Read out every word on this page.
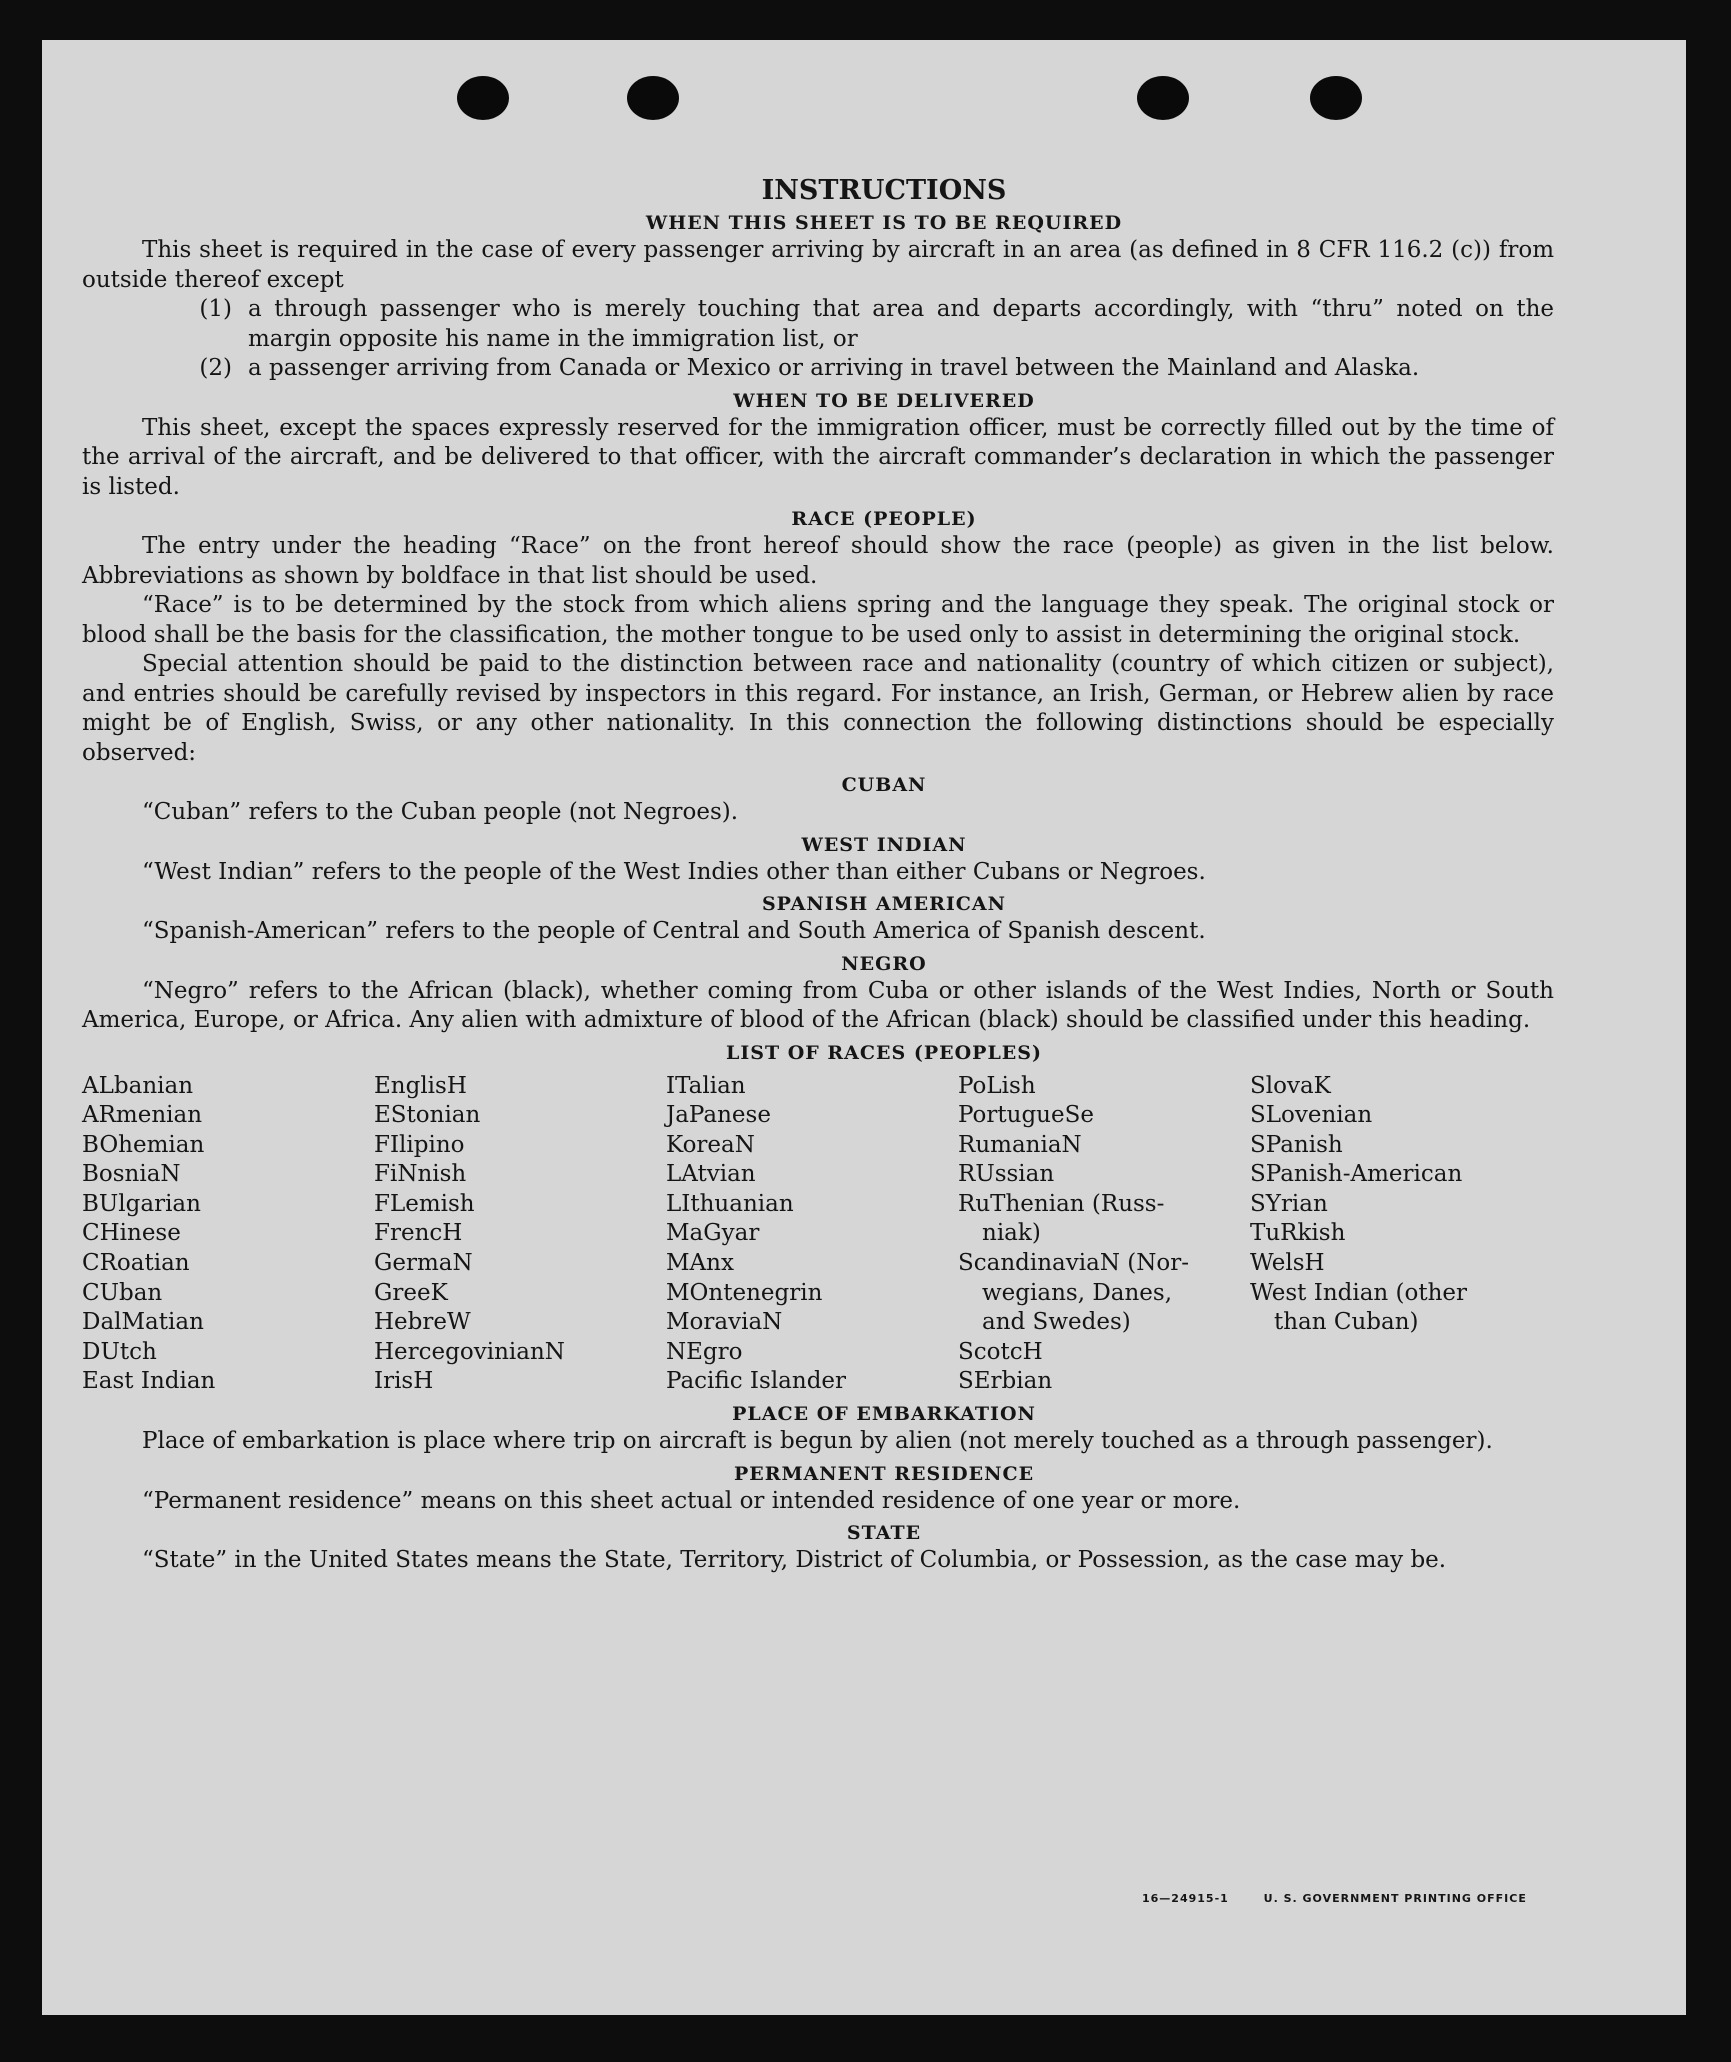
INSTRUCTIONS
WHEN THIS SHEET IS TO BE REQUIRED

This sheet is required in the case of every passenger arriving by aircraft in an area (as defined in 8 CFR 116.2 (c)) from outside thereof except

(1) a through passenger who is merely touching that area and departs accordingly, with “thru” noted on the margin opposite his name in the immigration list, or
(2) a passenger arriving from Canada or Mexico or arriving in travel between the Mainland and Alaska.
WHEN TO BE DELIVERED

This sheet, except the spaces expressly reserved for the immigration officer, must be correctly filled out by the time of the arrival of the aircraft, and be delivered to that officer, with the aircraft commander’s declaration in which the passenger is listed.

RACE (PEOPLE)

The entry under the heading “Race” on the front hereof should show the race (people) as given in the list below. Abbreviations as shown by boldface in that list should be used.

“Race” is to be determined by the stock from which aliens spring and the language they speak. The original stock or blood shall be the basis for the classification, the mother tongue to be used only to assist in determining the original stock.

Special attention should be paid to the distinction between race and nationality (country of which citizen or subject), and entries should be carefully revised by inspectors in this regard. For instance, an Irish, German, or Hebrew alien by race might be of English, Swiss, or any other nationality. In this connection the following distinctions should be especially observed:

CUBAN

“Cuban” refers to the Cuban people (not Negroes).

WEST INDIAN

“West Indian” refers to the people of the West Indies other than either Cubans or Negroes.

SPANISH AMERICAN

“Spanish-American” refers to the people of Central and South America of Spanish descent.

NEGRO

“Negro” refers to the African (black), whether coming from Cuba or other islands of the West Indies, North or South America, Europe, or Africa. Any alien with admixture of blood of the African (black) should be classified under this heading.

LIST OF RACES (PEOPLES)
ALbanian
ARmenian
BOhemian
BosniaN
BUlgarian
CHinese
CRoatian
CUban
DalMatian
DUtch
East Indian
EnglisH
EStonian
FIlipino
FiNnish
FLemish
FrencH
GermaN
GreeK
HebreW
HercegovinianN
IrisH
ITalian
JaPanese
KoreaN
LAtvian
LIthuanian
MaGyar
MAnx
MOntenegrin
MoraviaN
NEgro
Pacific Islander
PoLish
PortugueSe
RumaniaN
RUssian
RuThenian (Russ-
niak)
ScandinaviaN (Nor-
wegians, Danes,
and Swedes)
ScotcH
SErbian
SlovaK
SLovenian
SPanish
SPanish-American
SYrian
TuRkish
WelsH
West Indian (other
than Cuban)
PLACE OF EMBARKATION

Place of embarkation is place where trip on aircraft is begun by alien (not merely touched as a through passenger).

PERMANENT RESIDENCE

“Permanent residence” means on this sheet actual or intended residence of one year or more.

STATE

“State” in the United States means the State, Territory, District of Columbia, or Possession, as the case may be.

16—24915-1	U. S. GOVERNMENT PRINTING OFFICE
